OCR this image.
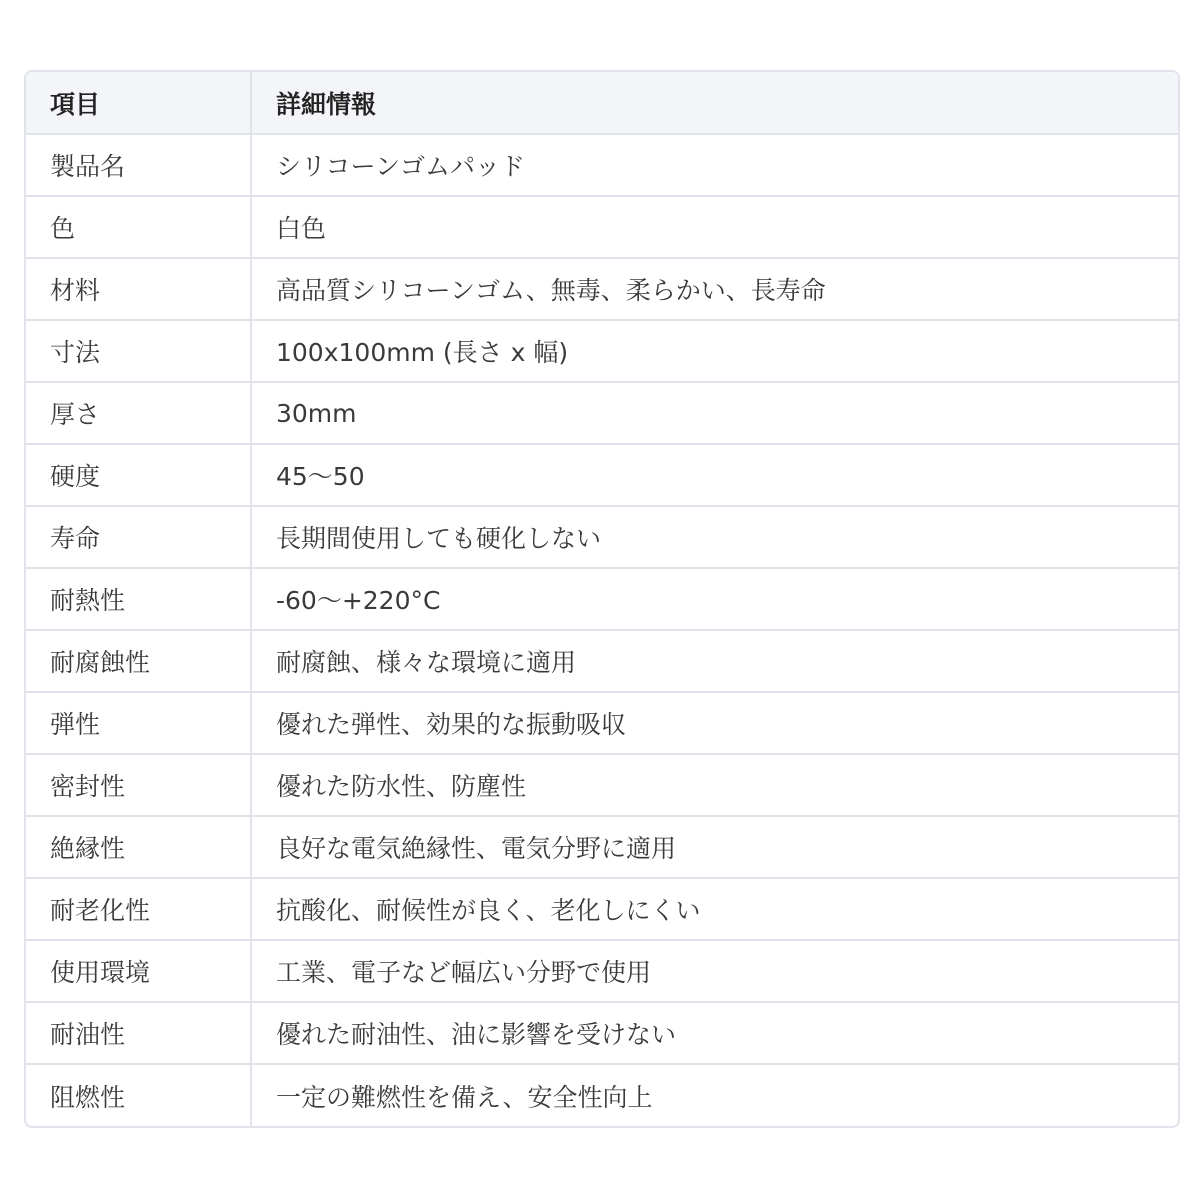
項目	詳細情報
製品名	シリコーンゴムパッド
色	白色
材料	高品質シリコーンゴム、無毒、柔らかい、長寿命
寸法	100x100mm (長さ x 幅)
厚さ	30mm
硬度	45～50
寿命	長期間使用しても硬化しない
耐熱性	-60～+220°C
耐腐蝕性	耐腐蝕、様々な環境に適用
弾性	優れた弾性、効果的な振動吸収
密封性	優れた防水性、防塵性
絶縁性	良好な電気絶縁性、電気分野に適用
耐老化性	抗酸化、耐候性が良く、老化しにくい
使用環境	工業、電子など幅広い分野で使用
耐油性	優れた耐油性、油に影響を受けない
阻燃性	一定の難燃性を備え、安全性向上
